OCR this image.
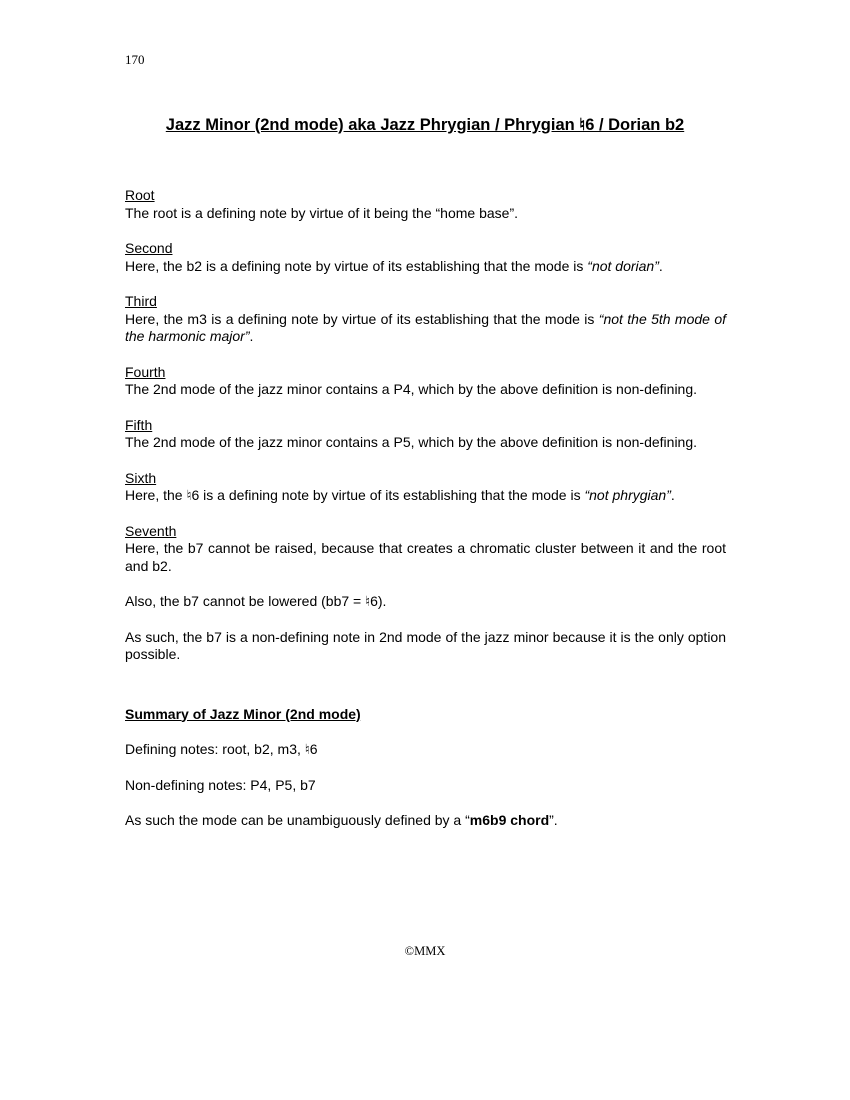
170
Jazz Minor (2nd mode) aka Jazz Phrygian / Phrygian ♮6 / Dorian b2
Root

The root is a defining note by virtue of it being the “home base”.

Second

Here, the b2 is a defining note by virtue of its establishing that the mode is “not dorian”.

Third

Here, the m3 is a defining note by virtue of its establishing that the mode is “not the 5th mode of the harmonic major”.

Fourth

The 2nd mode of the jazz minor contains a P4, which by the above definition is non-defining.

Fifth

The 2nd mode of the jazz minor contains a P5, which by the above definition is non-defining.

Sixth

Here, the ♮6 is a defining note by virtue of its establishing that the mode is “not phrygian”.

Seventh

Here, the b7 cannot be raised, because that creates a chromatic cluster between it and the root and b2.

Also, the b7 cannot be lowered (bb7 = ♮6).

As such, the b7 is a non-defining note in 2nd mode of the jazz minor because it is the only option possible.

Summary of Jazz Minor (2nd mode)

Defining notes: root, b2, m3, ♮6

Non-defining notes: P4, P5, b7

As such the mode can be unambiguously defined by a “m6b9 chord”.

©MMX
